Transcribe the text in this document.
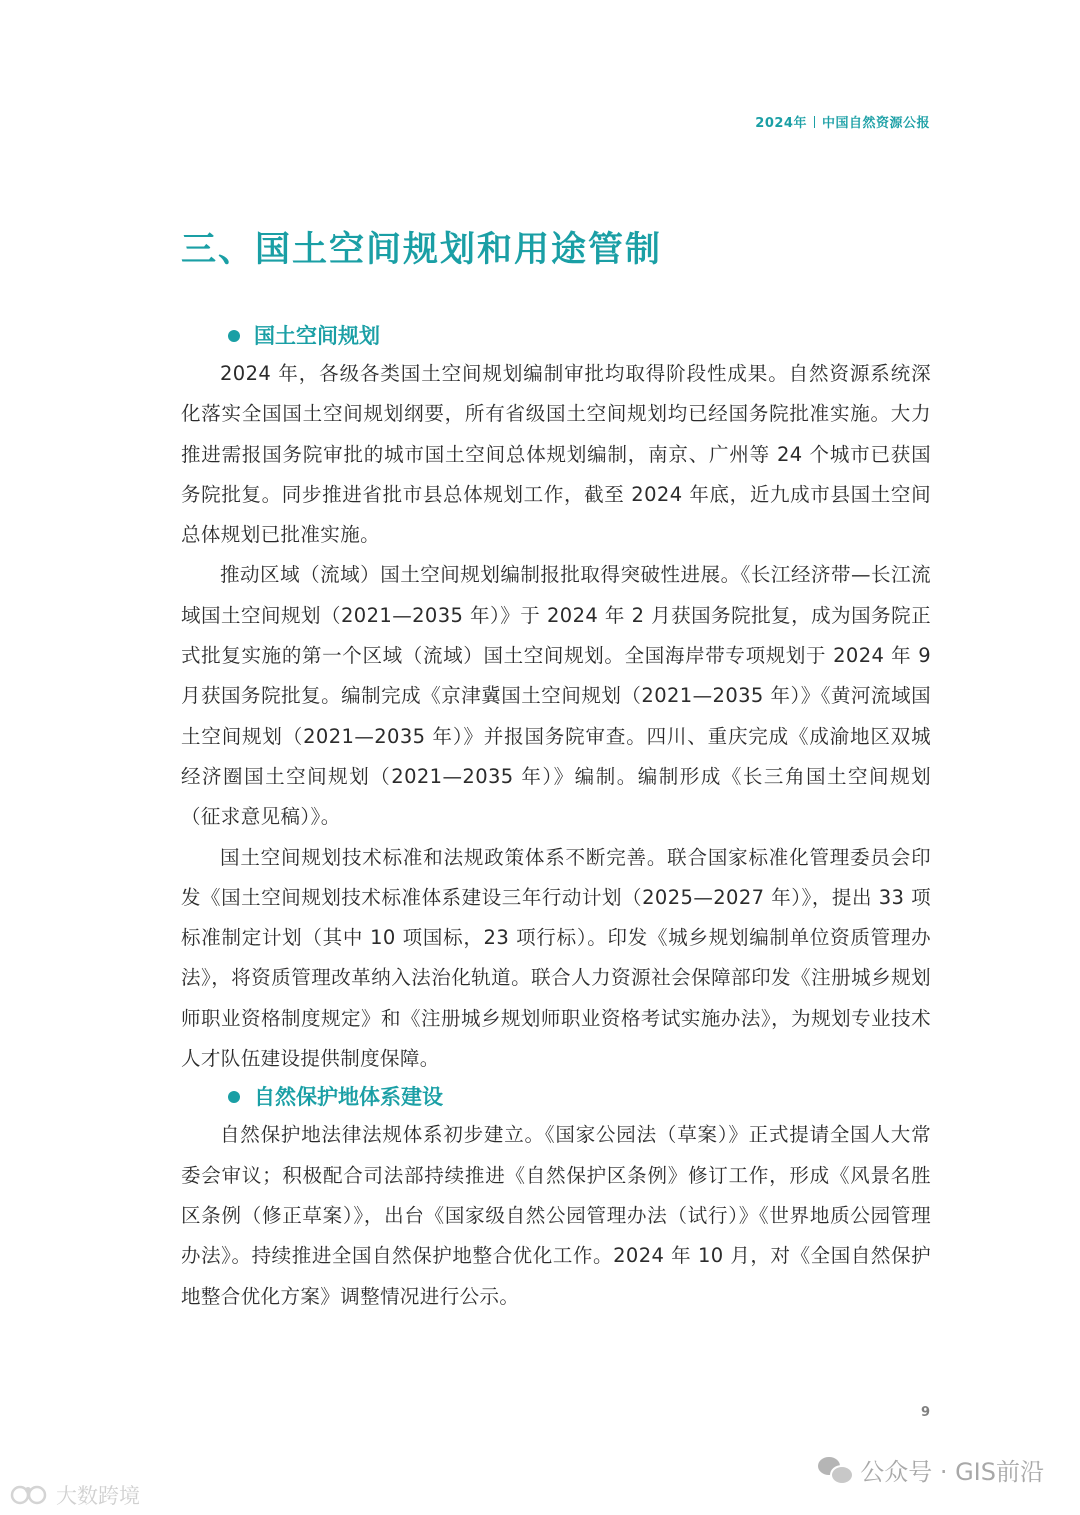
2024年 中国自然资源公报
三、国土空间规划和用途管制
国土空间规划

2024 年，各级各类国土空间规划编制审批均取得阶段性成果。自然资源系统深化落实全国国土空间规划纲要，所有省级国土空间规划均已经国务院批准实施。大力推进需报国务院审批的城市国土空间总体规划编制，南京、广州等 24 个城市已获国务院批复。同步推进省批市县总体规划工作，截至 2024 年底，近九成市县国土空间总体规划已批准实施。

推动区域（流域）国土空间规划编制报批取得突破性进展。《长江经济带—长江流域国土空间规划（2021—2035 年）》于 2024 年 2 月获国务院批复，成为国务院正式批复实施的第一个区域（流域）国土空间规划。全国海岸带专项规划于 2024 年 9 月获国务院批复。编制完成《京津冀国土空间规划（2021—2035 年）》《黄河流域国土空间规划（2021—2035 年）》并报国务院审查。四川、重庆完成《成渝地区双城经济圈国土空间规划（2021—2035 年）》编制。编制形成《长三角国土空间规划（征求意见稿）》。

国土空间规划技术标准和法规政策体系不断完善。联合国家标准化管理委员会印发《国土空间规划技术标准体系建设三年行动计划（2025—2027 年）》，提出 33 项标准制定计划（其中 10 项国标，23 项行标）。印发《城乡规划编制单位资质管理办法》，将资质管理改革纳入法治化轨道。联合人力资源社会保障部印发《注册城乡规划师职业资格制度规定》和《注册城乡规划师职业资格考试实施办法》，为规划专业技术人才队伍建设提供制度保障。

自然保护地体系建设

自然保护地法律法规体系初步建立。《国家公园法（草案）》正式提请全国人大常委会审议；积极配合司法部持续推进《自然保护区条例》修订工作，形成《风景名胜区条例（修正草案）》，出台《国家级自然公园管理办法（试行）》《世界地质公园管理办法》。持续推进全国自然保护地整合优化工作。2024 年 10 月，对《全国自然保护地整合优化方案》调整情况进行公示。

9
公众号 · GIS前沿
大数跨境
